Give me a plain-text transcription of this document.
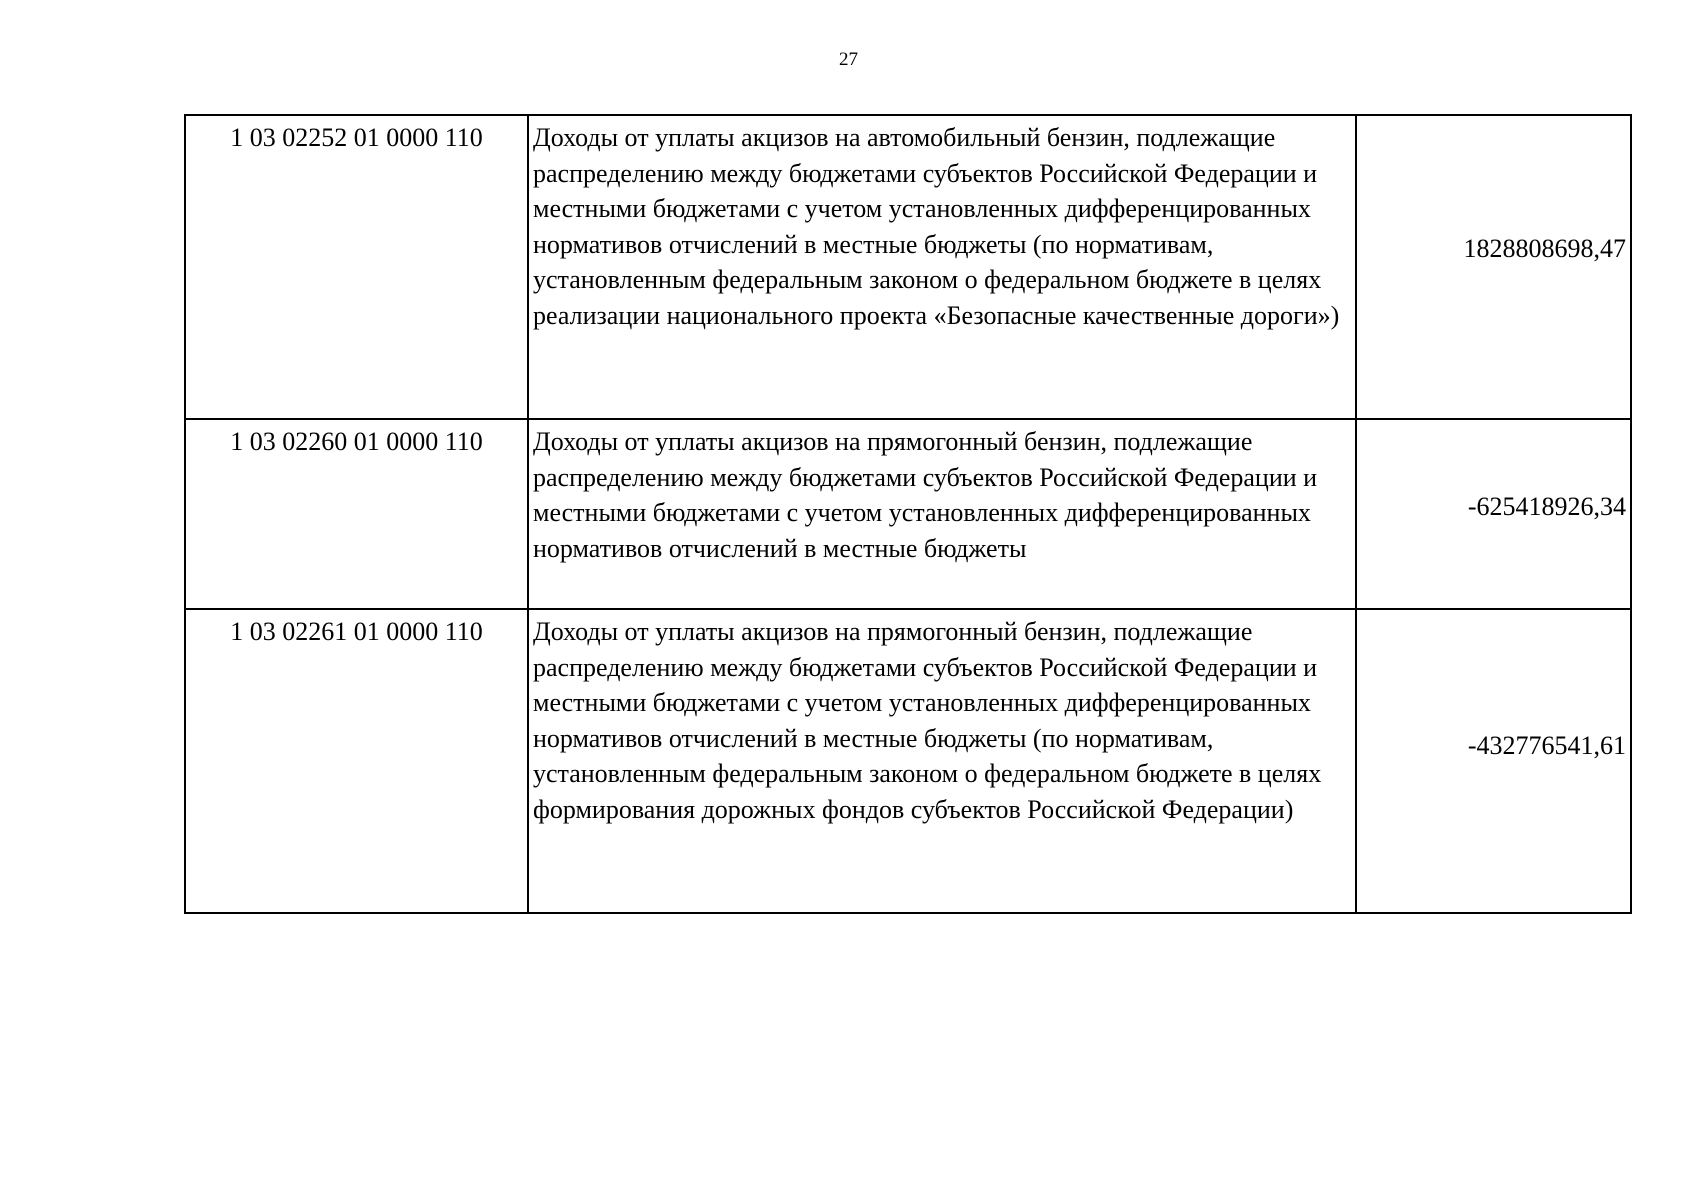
27
1 03 02252 01 0000 110	Доходы от уплаты акцизов на автомобильный бензин, подлежащие распределению между бюджетами субъектов Российской Федерации и местными бюджетами с учетом установленных дифференцированных нормативов отчислений в местные бюджеты (по нормативам, установленным федеральным законом о федеральном бюджете в целях реализации национального проекта «Безопасные качественные дороги»)	1828808698,47

1 03 02260 01 0000 110	Доходы от уплаты акцизов на прямогонный бензин, подлежащие распределению между бюджетами субъектов Российской Федерации и местными бюджетами с учетом установленных дифференцированных нормативов отчислений в местные бюджеты	-625418926,34

1 03 02261 01 0000 110	Доходы от уплаты акцизов на прямогонный бензин, подлежащие распределению между бюджетами субъектов Российской Федерации и местными бюджетами с учетом установленных дифференцированных нормативов отчислений в местные бюджеты (по нормативам, установленным федеральным законом о федеральном бюджете в целях формирования дорожных фондов субъектов Российской Федерации)	-432776541,61
